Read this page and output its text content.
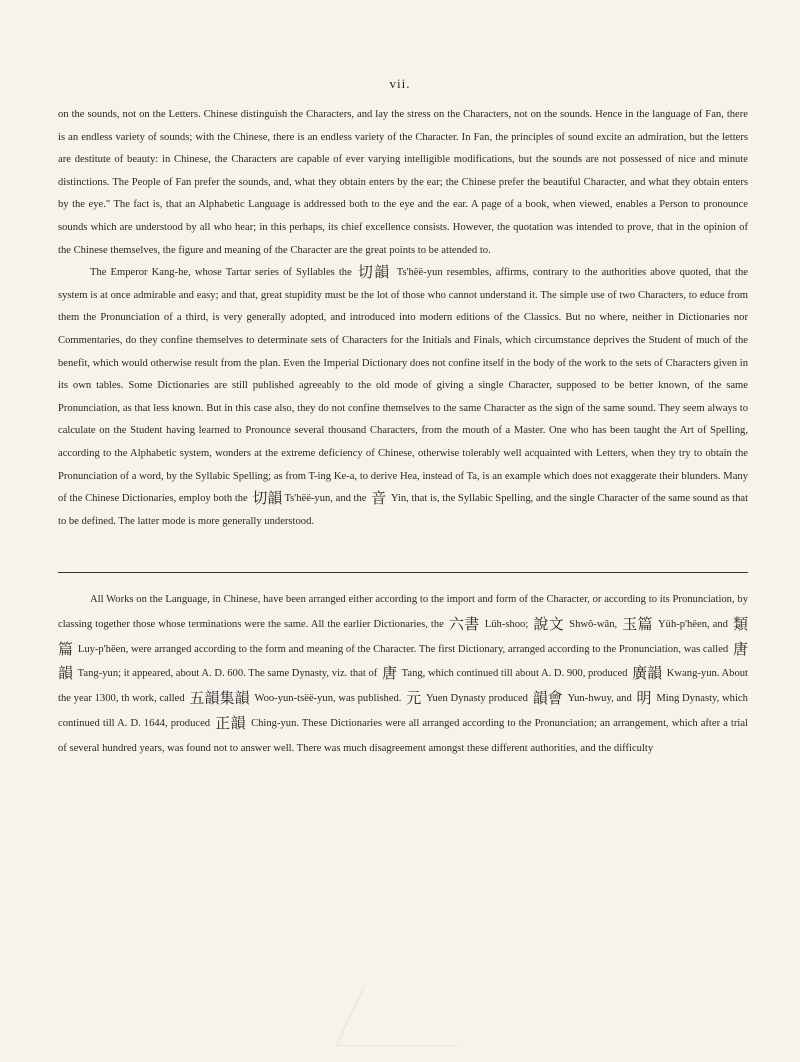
vii.

on the sounds, not on the Letters. Chinese distinguish the Characters, and lay the stress on the Characters, not on the sounds. Hence in the language of Fan, there is an endless variety of sounds; with the Chinese, there is an endless variety of the Character. In Fan, the principles of sound excite an admiration, but the letters are destitute of beauty: in Chinese, the Characters are capable of ever varying intelligible modifications, but the sounds are not possessed of nice and minute distinctions. The People of Fan prefer the sounds, and, what they obtain enters by the ear; the Chinese prefer the beautiful Character, and what they obtain enters by the eye." The fact is, that an Alphabetic Language is addressed both to the eye and the ear. A page of a book, when viewed, enables a Person to pronounce sounds which are understood by all who hear; in this perhaps, its chief excellence consists. However, the quotation was intended to prove, that in the opinion of the Chinese themselves, the figure and meaning of the Character are the great points to be attended to.

The Emperor Kang-he, whose Tartar series of Syllables the 切韻 Ts'hëë-yun resembles, affirms, contrary to the authorities above quoted, that the system is at once admirable and easy; and that, great stupidity must be the lot of those who cannot understand it. The simple use of two Characters, to educe from them the Pronunciation of a third, is very generally adopted, and introduced into modern editions of the Classics. But no where, neither in Dictionaries nor Commentaries, do they confine themselves to determinate sets of Characters for the Initials and Finals, which circumstance deprives the Student of much of the benefit, which would otherwise result from the plan. Even the Imperial Dictionary does not confine itself in the body of the work to the sets of Characters given in its own tables. Some Dictionaries are still published agreeably to the old mode of giving a single Character, supposed to be better known, of the same Pronunciation, as that less known. But in this case also, they do not confine themselves to the same Character as the sign of the same sound. They seem always to calculate on the Student having learned to Pronounce several thousand Characters, from the mouth of a Master. One who has been taught the Art of Spelling, according to the Alphabetic system, wonders at the extreme deficiency of Chinese, otherwise tolerably well acquainted with Letters, when they try to obtain the Pronunciation of a word, by the Syllabic Spelling; as from T-ing Ke-a, to derive Hea, instead of Ta, is an example which does not exaggerate their blunders. Many of the Chinese Dictionaries, employ both the 切韻 Ts'hëë-yun, and the 音 Yin, that is, the Syllabic Spelling, and the single Character of the same sound as that to be defined. The latter mode is more generally understood.

All Works on the Language, in Chinese, have been arranged either according to the import and form of the Character, or according to its Pronunciation, by classing together those whose terminations were the same. All the earlier Dictionaries, the 六書 Lüh-shoo; 說文 Shwŏ-wăn, 玉篇 Yüh-p'hëen, and 類篇 Luy-p'hëen, were arranged according to the form and meaning of the Character. The first Dictionary, arranged according to the Pronunciation, was called 唐韻 Tang-yun; it appeared, about A. D. 600. The same Dynasty, viz. that of 唐 Tang, which continued till about A. D. 900, produced 廣韻 Kwang-yun. About the year 1300, th work, called 五韻集韻 Woo-yun-tsëë-yun, was published. 元 Yuen Dynasty produced 韻會 Yun-hwuy, and 明 Ming Dynasty, which continued till A. D. 1644, produced 正韻 Ching-yun. These Dictionaries were all arranged according to the Pronunciation; an arrangement, which after a trial of several hundred years, was found not to answer well. There was much disagreement amongst these different authorities, and the difficulty
